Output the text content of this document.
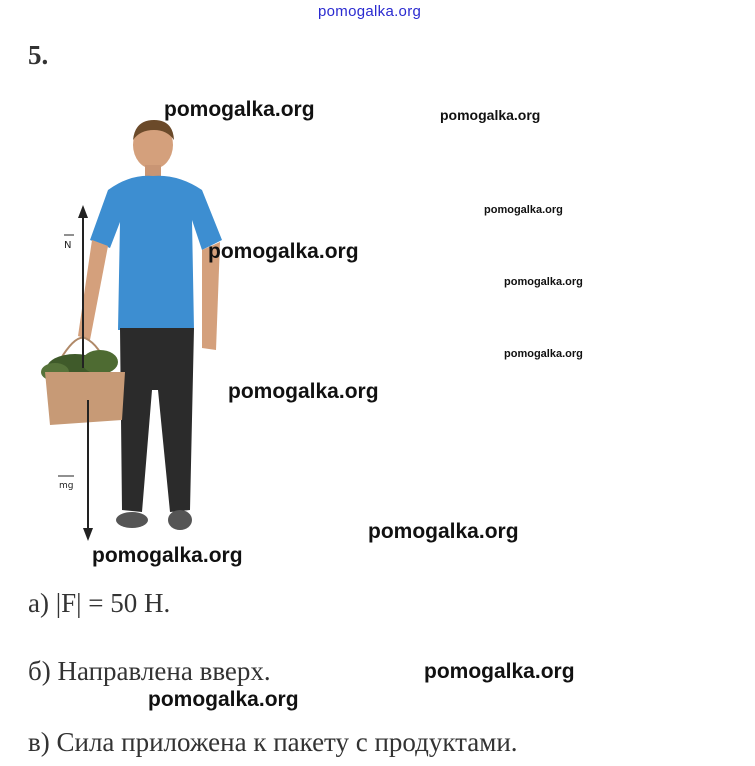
pomogalka.org
5.
N
mg
pomogalka.org	pomogalka.org
pomogalka.org
pomogalka.org
pomogalka.org
pomogalka.org
pomogalka.org
pomogalka.org
pomogalka.org
pomogalka.org
pomogalka.org
а) |F| = 50 Н.
б) Направлена вверх.
в) Сила приложена к пакету с продуктами.
